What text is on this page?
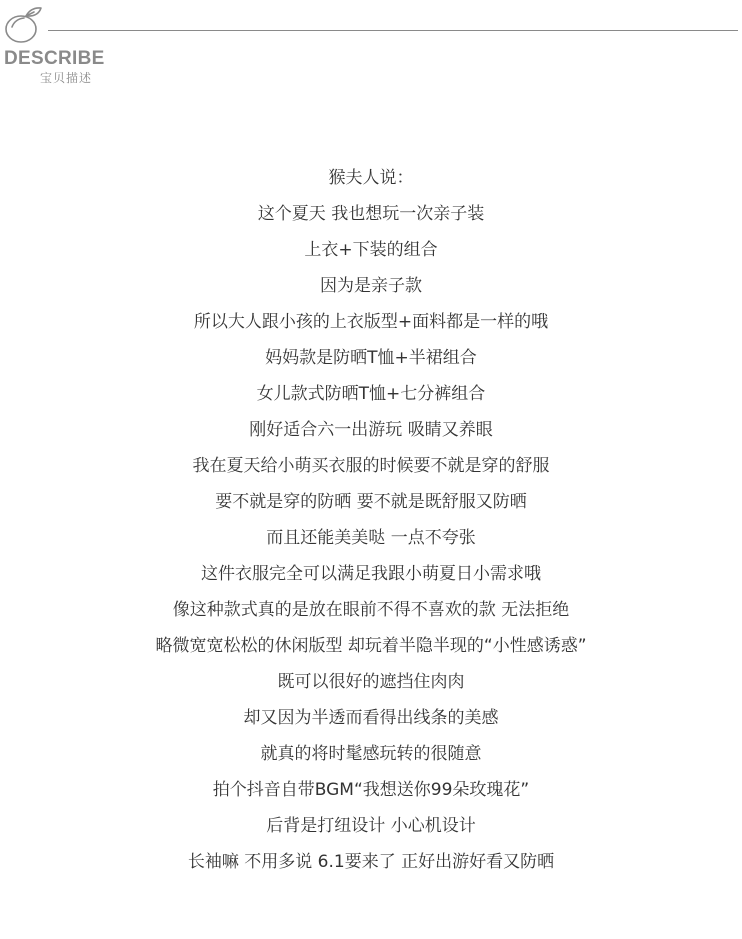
DESCRIBE
宝贝描述
猴夫人说：
这个夏天 我也想玩一次亲子装
上衣+下装的组合
因为是亲子款
所以大人跟小孩的上衣版型+面料都是一样的哦
妈妈款是防晒T恤+半裙组合
女儿款式防晒T恤+七分裤组合
刚好适合六一出游玩 吸睛又养眼
我在夏天给小萌买衣服的时候要不就是穿的舒服
要不就是穿的防晒 要不就是既舒服又防晒
而且还能美美哒 一点不夸张
这件衣服完全可以满足我跟小萌夏日小需求哦
像这种款式真的是放在眼前不得不喜欢的款 无法拒绝
略微宽宽松松的休闲版型 却玩着半隐半现的“小性感诱惑”
既可以很好的遮挡住肉肉
却又因为半透而看得出线条的美感
就真的将时髦感玩转的很随意
拍个抖音自带BGM“我想送你99朵玫瑰花”
后背是打纽设计 小心机设计
长袖嘛 不用多说 6.1要来了 正好出游好看又防晒
